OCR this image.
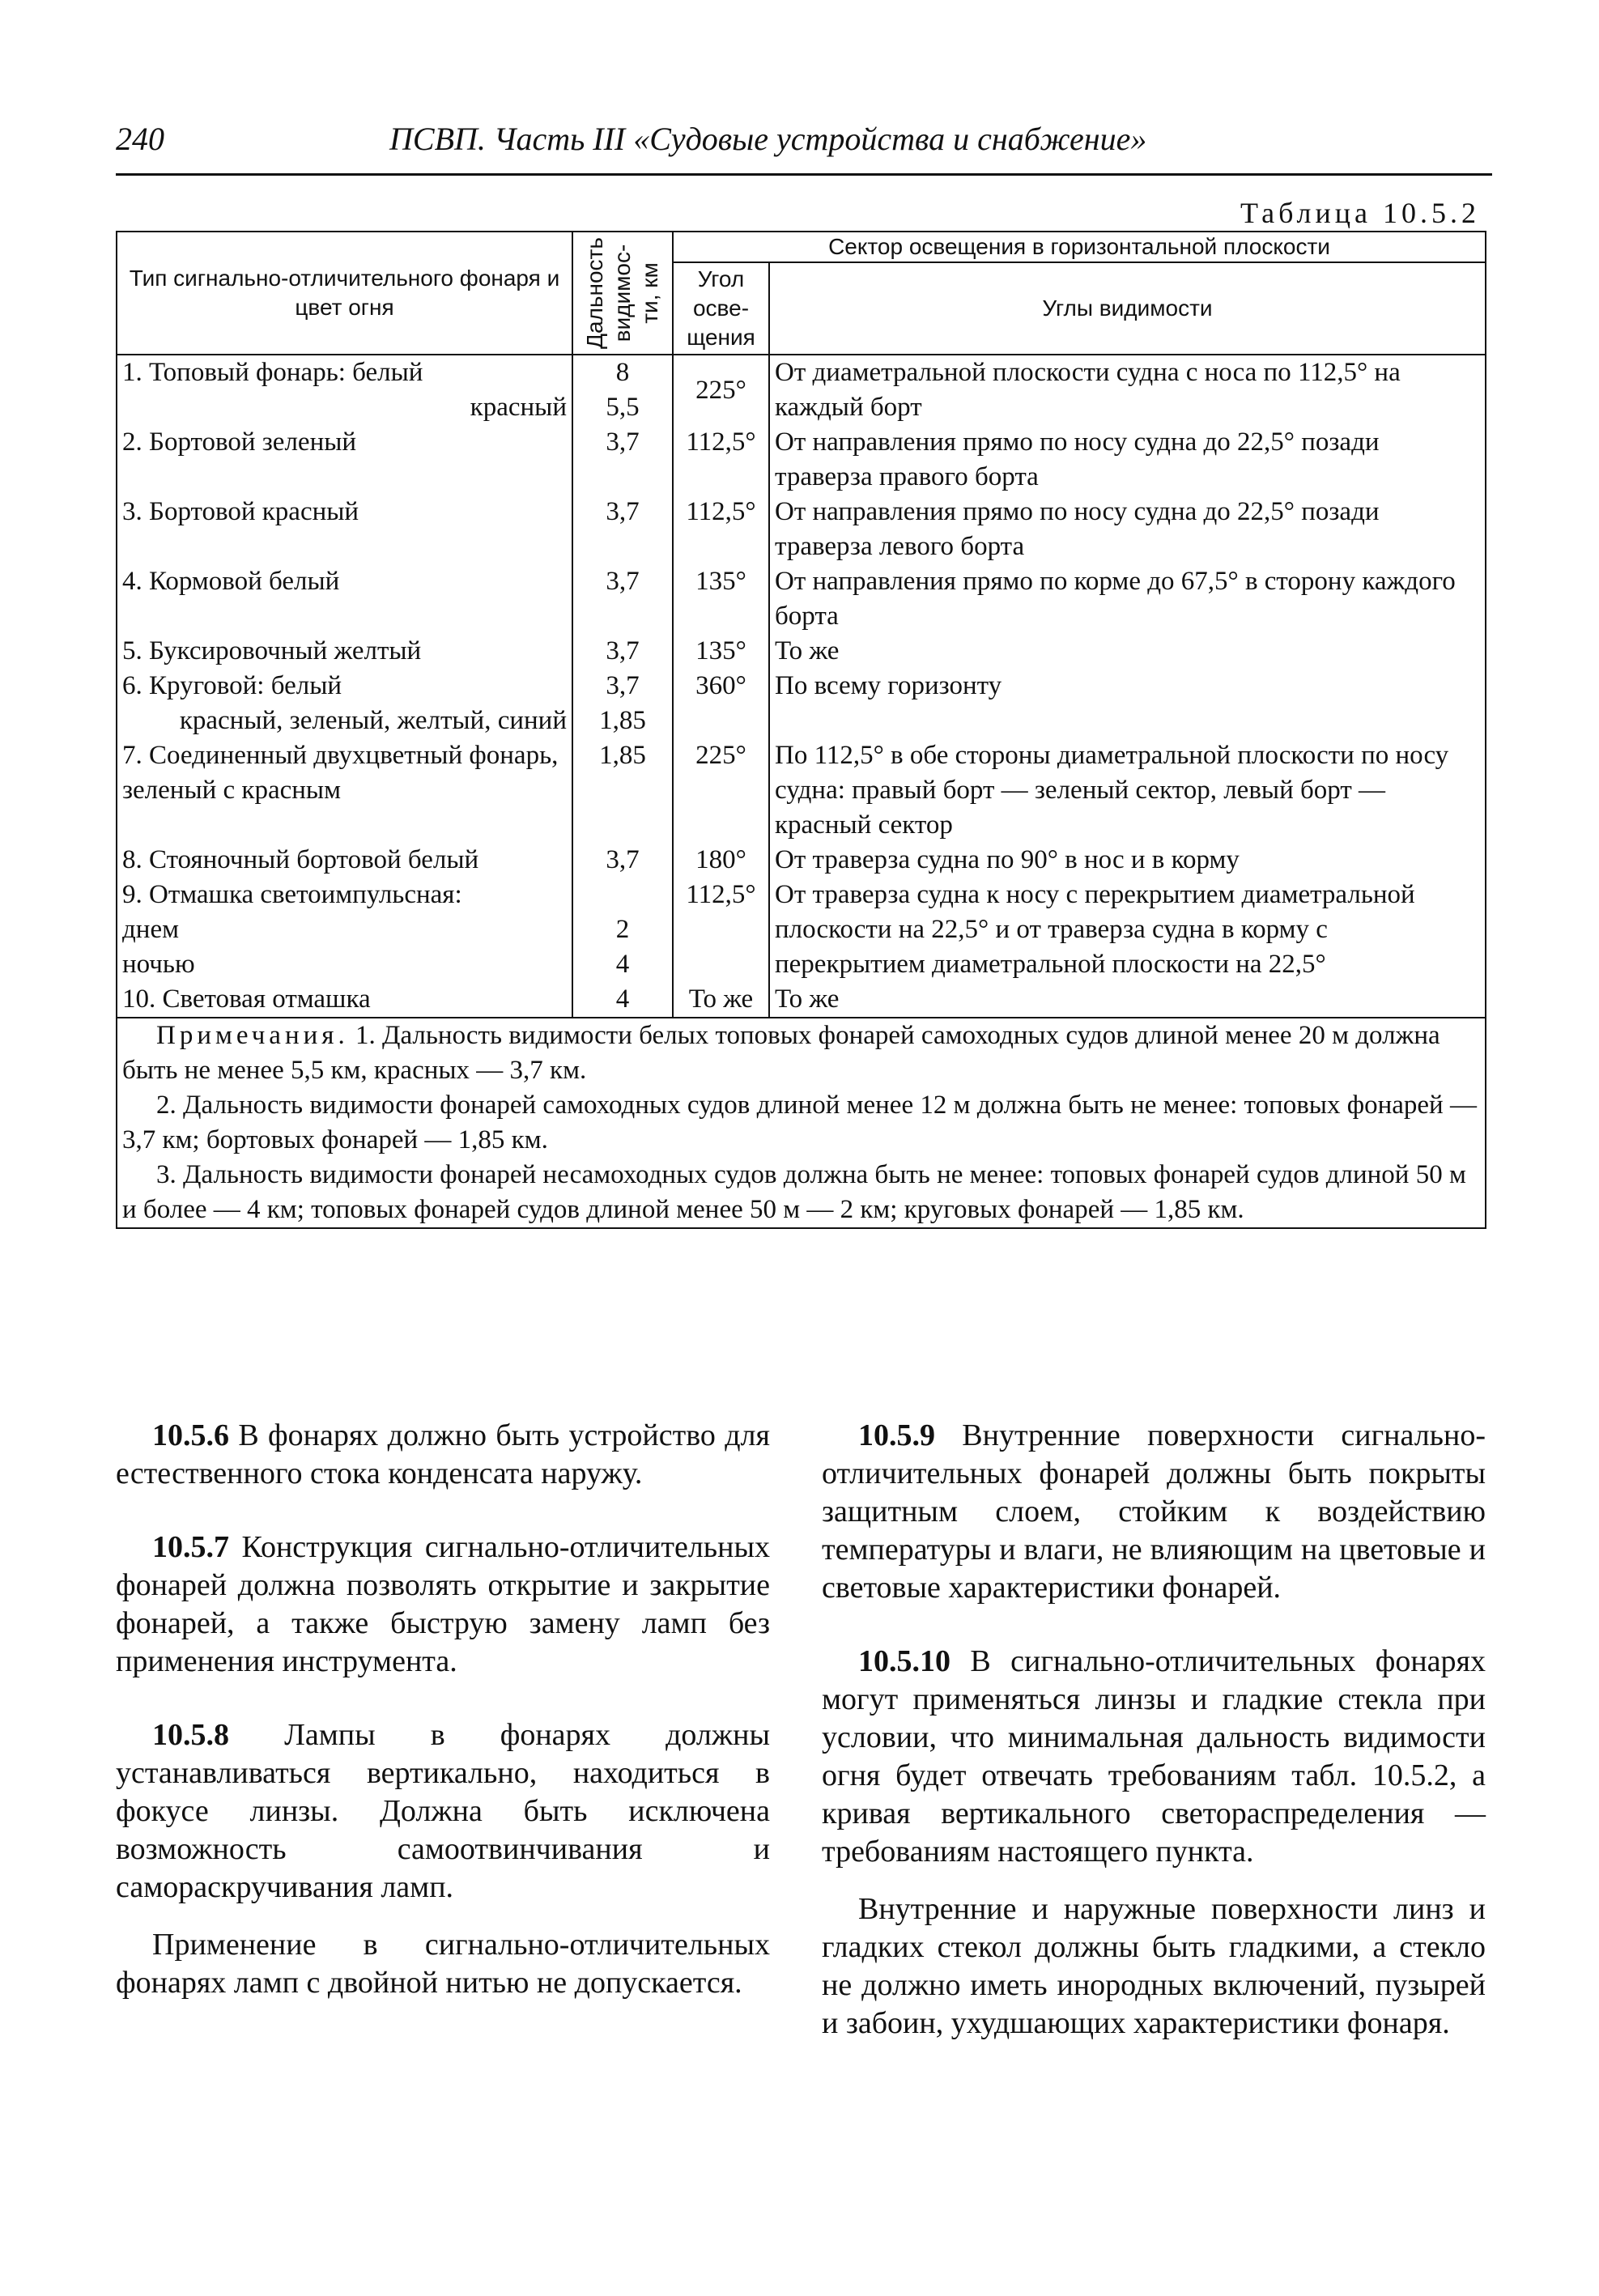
240	ПСВП. Часть III «Судовые устройства и снабжение»
Таблица 10.5.2
Тип сигнально-отличительного фонаря и цвет огня	Дальность видимос-ти, км	Сектор освещения в горизонтальной плоскости	
		Угол осве-щения	Углы видимости
1. Топовый фонарь: белый	8	225°	От диаметральной плоскости судна с носа по 112,5° на каждый борт
красный	5,5		
2. Бортовой зеленый	3,7	112,5°	От направления прямо по носу судна до 22,5° позади траверза правого борта
3. Бортовой красный	3,7	112,5°	От направления прямо по носу судна до 22,5° позади траверза левого борта
4. Кормовой белый	3,7	135°	От направления прямо по корме до 67,5° в сторону каждого борта
5. Буксировочный желтый	3,7	135°	То же
6. Круговой: белый	3,7	360°	По всему горизонту
красный, зеленый, желтый, синий	1,85		
7. Соединенный двухцветный фонарь, зеленый с красным	1,85	225°	По 112,5° в обе стороны диаметральной плоскости по носу судна: правый борт — зеленый сектор, левый борт — красный сектор
8. Стояночный бортовой белый	3,7	180°	От траверза судна по 90° в нос и в корму
9. Отмашка светоимпульсная:		112,5°	От траверза судна к носу с перекрытием диаметральной плоскости на 22,5° и от траверза судна в корму с перекрытием диаметральной плоскости на 22,5°
днем	2		
ночью	4		
10. Световая отмашка	4	То же	То же

Примечания. 1. Дальность видимости белых топовых фонарей самоходных судов длиной менее 20 м должна быть не менее 5,5 км, красных — 3,7 км.

2. Дальность видимости фонарей самоходных судов длиной менее 12 м должна быть не менее: топовых фонарей — 3,7 км; бортовых фонарей — 1,85 км.

3. Дальность видимости фонарей несамоходных судов должна быть не менее: топовых фонарей судов длиной 50 м и более — 4 км; топовых фонарей судов длиной менее 50 м — 2 км; круговых фонарей — 1,85 км.			

10.5.6 В фонарях должно быть устройство для естественного стока конденсата наружу.

10.5.7 Конструкция сигнально-отличительных фонарей должна позволять открытие и закрытие фонарей, а также быструю замену ламп без применения инструмента.

10.5.8 Лампы в фонарях должны устанавливаться вертикально, находиться в фокусе линзы. Должна быть исключена возможность самоотвинчивания и самораскручивания ламп.

Применение в сигнально-отличительных фонарях ламп с двойной нитью не допускается.

10.5.9 Внутренние поверхности сигнально-отличительных фонарей должны быть покрыты защитным слоем, стойким к воздействию температуры и влаги, не влияющим на цветовые и световые характеристики фонарей.

10.5.10 В сигнально-отличительных фонарях могут применяться линзы и гладкие стекла при условии, что минимальная дальность видимости огня будет отвечать требованиям табл. 10.5.2, а кривая вертикального светораспределения — требованиям настоящего пункта.

Внутренние и наружные поверхности линз и гладких стекол должны быть гладкими, а стекло не должно иметь инородных включений, пузырей и забоин, ухудшающих характеристики фонаря.
